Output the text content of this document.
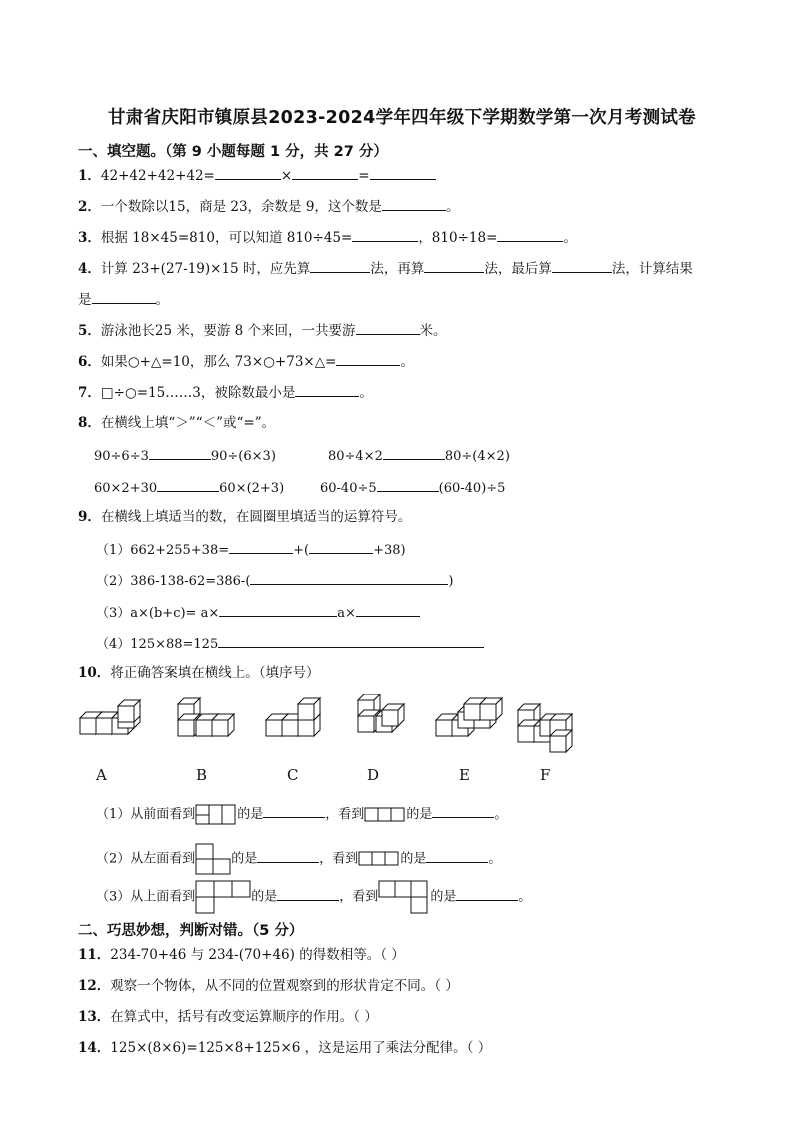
甘肃省庆阳市镇原县2023-2024学年四年级下学期数学第一次月考测试卷
一、填空题。（第 9 小题每题 1 分，共 27 分）
1．42+42+42+42=	×	=
2．一个数除以15，商是 23，余数是 9，这个数是	。
3．根据 18×45=810，可以知道 810÷45=	，810÷18=	。
4．计算 23+(27-19)×15 时，应先算	法，再算	法，最后算	法，计算结果
是	。
5．游泳池长25 米，要游 8 个来回，一共要游	米。
6．如果○+△=10，那么 73×○+73×△=	。
7．□÷○=15……3，被除数最小是	。
8．在横线上填“＞”“＜”或“=”。
90÷6÷3	90÷(6×3)	80÷4×2	80÷(4×2)
60×2+30	60×(2+3)	60-40÷5	(60-40)÷5
9．在横线上填适当的数，在圆圈里填适当的运算符号。
（1）662+255+38=	+(	+38)
（2）386-138-62=386-(	)
（3）a×(b+c)= a×	a×
（4）125×88=125
10．将正确答案填在横线上。（填序号）
A	B	C	D	E	F
（1）从前面看到	的是	，看到	的是	。
（2）从左面看到	的是	，看到	的是	。
（3）从上面看到	的是	，看到	的是	。
二、巧思妙想，判断对错。（5 分）
11．234-70+46 与 234-(70+46) 的得数相等。（ ）
12．观察一个物体，从不同的位置观察到的形状肯定不同。（ ）
13．在算式中，括号有改变运算顺序的作用。（ ）
14．125×(8×6)=125×8+125×6 ，这是运用了乘法分配律。（ ）
